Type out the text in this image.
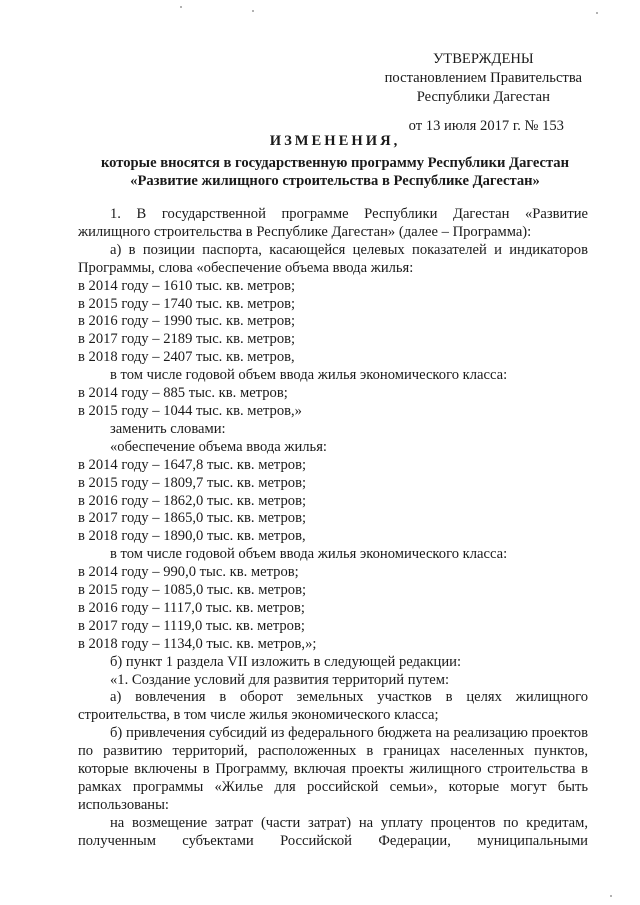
УТВЕРЖДЕНЫ
постановлением Правительства
Республики Дагестан
от 13 июля 2017 г. № 153
ИЗМЕНЕНИЯ,
которые вносятся в государственную программу Республики Дагестан
«Развитие жилищного строительства в Республике Дагестан»

1. В государственной программе Республики Дагестан «Развитие

жилищного строительства в Республике Дагестан» (далее – Программа):

а) в позиции паспорта, касающейся целевых показателей и индикаторов

Программы, слова «обеспечение объема ввода жилья:

в 2014 году – 1610 тыс. кв. метров;

в 2015 году – 1740 тыс. кв. метров;

в 2016 году – 1990 тыс. кв. метров;

в 2017 году – 2189 тыс. кв. метров;

в 2018 году – 2407 тыс. кв. метров,

в том числе годовой объем ввода жилья экономического класса:

в 2014 году – 885 тыс. кв. метров;

в 2015 году – 1044 тыс. кв. метров,»

заменить словами:

«обеспечение объема ввода жилья:

в 2014 году – 1647,8 тыс. кв. метров;

в 2015 году – 1809,7 тыс. кв. метров;

в 2016 году – 1862,0 тыс. кв. метров;

в 2017 году – 1865,0 тыс. кв. метров;

в 2018 году – 1890,0 тыс. кв. метров,

в том числе годовой объем ввода жилья экономического класса:

в 2014 году – 990,0 тыс. кв. метров;

в 2015 году – 1085,0 тыс. кв. метров;

в 2016 году – 1117,0 тыс. кв. метров;

в 2017 году – 1119,0 тыс. кв. метров;

в 2018 году – 1134,0 тыс. кв. метров,»;

б) пункт 1 раздела VII изложить в следующей редакции:

«1. Создание условий для развития территорий путем:

а) вовлечения в оборот земельных участков в целях жилищного строительства, в том числе жилья экономического класса;

б) привлечения субсидий из федерального бюджета на реализацию проектов по развитию территорий, расположенных в границах населенных пунктов, которые включены в Программу, включая проекты жилищного строительства в рамках программы «Жилье для российской семьи», которые могут быть использованы:

на возмещение затрат (части затрат) на уплату процентов по кредитам,

полученным субъектами Российской Федерации, муниципальными
